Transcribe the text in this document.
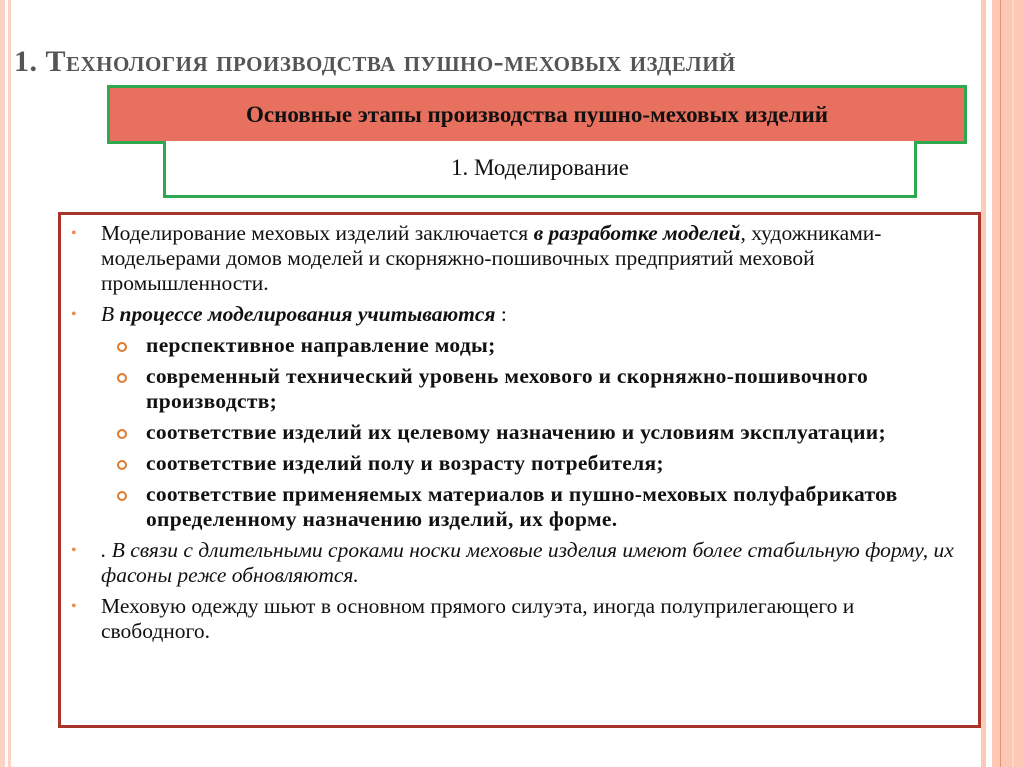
1. Технология производства пушно-меховых изделий
Основные этапы производства пушно-меховых изделий
1. Моделирование
• Моделирование меховых изделий заключается в разработке моделей, художниками-модельерами домов моделей и скорняжно-пошивочных предприятий меховой промышленности.
• В процессе моделирования учитываются :
перспективное направление моды;
современный технический уровень мехового и скорняжно-пошивочного производств;
соответствие изделий их целевому назначению и условиям эксплуатации;
соответствие изделий полу и возрасту потребителя;
соответствие применяемых материалов и пушно-меховых полуфабрикатов определенному назначению изделий, их форме.
• . В связи с длительными сроками носки меховые изделия имеют более стабильную форму, их фасоны реже обновляются.
• Меховую одежду шьют в основном прямого силуэта, иногда полуприлегающего и свободного.
